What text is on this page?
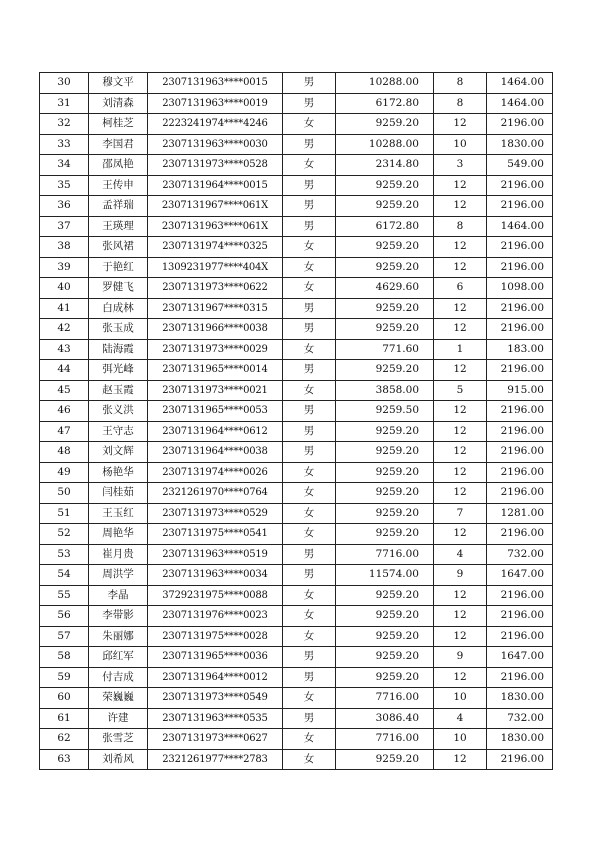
30	穆文平	2307131963****0015	男	10288.00	8	1464.00
31	刘清森	2307131963****0019	男	6172.80	8	1464.00
32	柯桂芝	2223241974****4246	女	9259.20	12	2196.00
33	李国君	2307131963****0030	男	10288.00	10	1830.00
34	邵凤艳	2307131973****0528	女	2314.80	3	549.00
35	王传申	2307131964****0015	男	9259.20	12	2196.00
36	孟祥瑞	2307131967****061X	男	9259.20	12	2196.00
37	王瑛理	2307131963****061X	男	6172.80	8	1464.00
38	张风裙	2307131974****0325	女	9259.20	12	2196.00
39	于艳红	1309231977****404X	女	9259.20	12	2196.00
40	罗健飞	2307131973****0622	女	4629.60	6	1098.00
41	白成林	2307131967****0315	男	9259.20	12	2196.00
42	张玉成	2307131966****0038	男	9259.20	12	2196.00
43	陆海霞	2307131973****0029	女	771.60	1	183.00
44	弭光峰	2307131965****0014	男	9259.20	12	2196.00
45	赵玉霞	2307131973****0021	女	3858.00	5	915.00
46	张义洪	2307131965****0053	男	9259.50	12	2196.00
47	王守志	2307131964****0612	男	9259.20	12	2196.00
48	刘文辉	2307131964****0038	男	9259.20	12	2196.00
49	杨艳华	2307131974****0026	女	9259.20	12	2196.00
50	闫桂茹	2321261970****0764	女	9259.20	12	2196.00
51	王玉红	2307131973****0529	女	9259.20	7	1281.00
52	周艳华	2307131975****0541	女	9259.20	12	2196.00
53	崔月贵	2307131963****0519	男	7716.00	4	732.00
54	周洪学	2307131963****0034	男	11574.00	9	1647.00
55	李晶	3729231975****0088	女	9259.20	12	2196.00
56	李带影	2307131976****0023	女	9259.20	12	2196.00
57	朱丽娜	2307131975****0028	女	9259.20	12	2196.00
58	邱红军	2307131965****0036	男	9259.20	9	1647.00
59	付吉成	2307131964****0012	男	9259.20	12	2196.00
60	荣巍巍	2307131973****0549	女	7716.00	10	1830.00
61	许建	2307131963****0535	男	3086.40	4	732.00
62	张雪芝	2307131973****0627	女	7716.00	10	1830.00
63	刘希风	2321261977****2783	女	9259.20	12	2196.00
